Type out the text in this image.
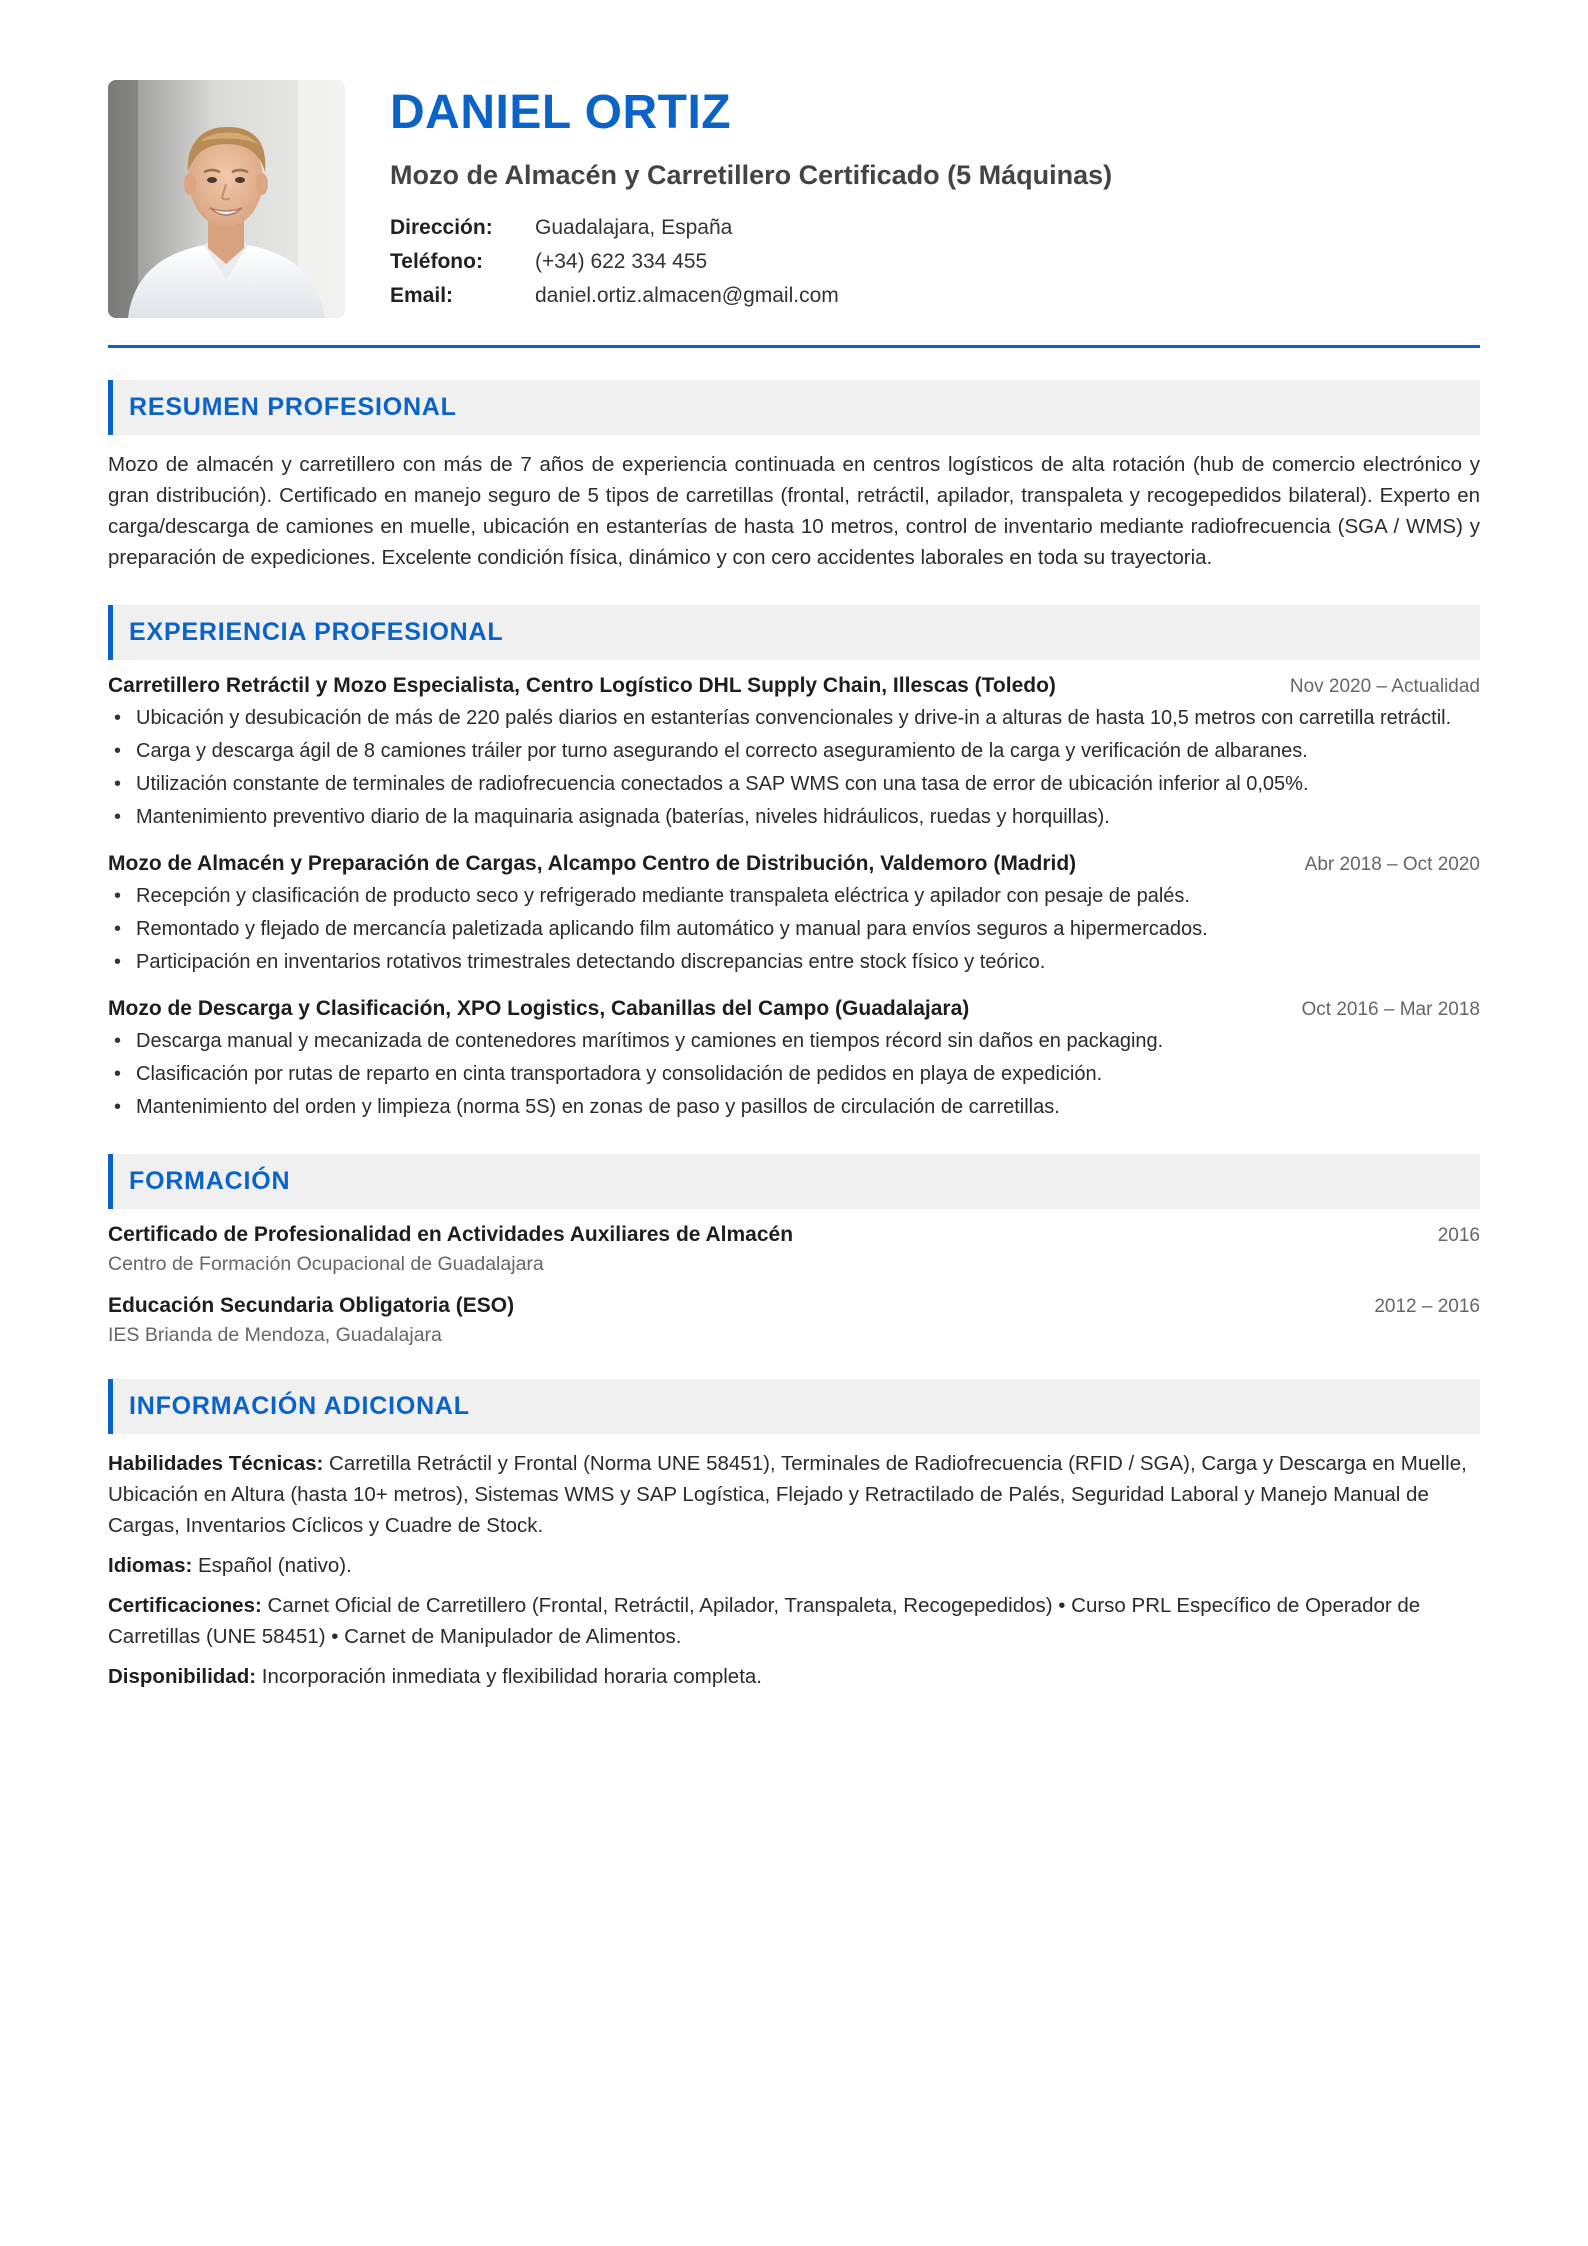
DANIEL ORTIZ
Mozo de Almacén y Carretillero Certificado (5 Máquinas)
Dirección:	Guadalajara, España
Teléfono:	(+34) 622 334 455
Email:	daniel.ortiz.almacen@gmail.com
RESUMEN PROFESIONAL

Mozo de almacén y carretillero con más de 7 años de experiencia continuada en centros logísticos de alta rotación (hub de comercio electrónico y gran distribución). Certificado en manejo seguro de 5 tipos de carretillas (frontal, retráctil, apilador, transpaleta y recogepedidos bilateral). Experto en carga/descarga de camiones en muelle, ubicación en estanterías de hasta 10 metros, control de inventario mediante radiofrecuencia (SGA / WMS) y preparación de expediciones. Excelente condición física, dinámico y con cero accidentes laborales en toda su trayectoria.

EXPERIENCIA PROFESIONAL
Carretillero Retráctil y Mozo Especialista, Centro Logístico DHL Supply Chain, Illescas (Toledo)	Nov 2020 – Actualidad
• Ubicación y desubicación de más de 220 palés diarios en estanterías convencionales y drive-in a alturas de hasta 10,5 metros con carretilla retráctil.
• Carga y descarga ágil de 8 camiones tráiler por turno asegurando el correcto aseguramiento de la carga y verificación de albaranes.
• Utilización constante de terminales de radiofrecuencia conectados a SAP WMS con una tasa de error de ubicación inferior al 0,05%.
• Mantenimiento preventivo diario de la maquinaria asignada (baterías, niveles hidráulicos, ruedas y horquillas).
Mozo de Almacén y Preparación de Cargas, Alcampo Centro de Distribución, Valdemoro (Madrid)	Abr 2018 – Oct 2020
• Recepción y clasificación de producto seco y refrigerado mediante transpaleta eléctrica y apilador con pesaje de palés.
• Remontado y flejado de mercancía paletizada aplicando film automático y manual para envíos seguros a hipermercados.
• Participación en inventarios rotativos trimestrales detectando discrepancias entre stock físico y teórico.
Mozo de Descarga y Clasificación, XPO Logistics, Cabanillas del Campo (Guadalajara)	Oct 2016 – Mar 2018
• Descarga manual y mecanizada de contenedores marítimos y camiones en tiempos récord sin daños en packaging.
• Clasificación por rutas de reparto en cinta transportadora y consolidación de pedidos en playa de expedición.
• Mantenimiento del orden y limpieza (norma 5S) en zonas de paso y pasillos de circulación de carretillas.
FORMACIÓN
Certificado de Profesionalidad en Actividades Auxiliares de Almacén	2016
Centro de Formación Ocupacional de Guadalajara
Educación Secundaria Obligatoria (ESO)	2012 – 2016
IES Brianda de Mendoza, Guadalajara
INFORMACIÓN ADICIONAL

Habilidades Técnicas: Carretilla Retráctil y Frontal (Norma UNE 58451), Terminales de Radiofrecuencia (RFID / SGA), Carga y Descarga en Muelle, Ubicación en Altura (hasta 10+ metros), Sistemas WMS y SAP Logística, Flejado y Retractilado de Palés, Seguridad Laboral y Manejo Manual de Cargas, Inventarios Cíclicos y Cuadre de Stock.

Idiomas: Español (nativo).

Certificaciones: Carnet Oficial de Carretillero (Frontal, Retráctil, Apilador, Transpaleta, Recogepedidos) • Curso PRL Específico de Operador de Carretillas (UNE 58451) • Carnet de Manipulador de Alimentos.

Disponibilidad: Incorporación inmediata y flexibilidad horaria completa.
